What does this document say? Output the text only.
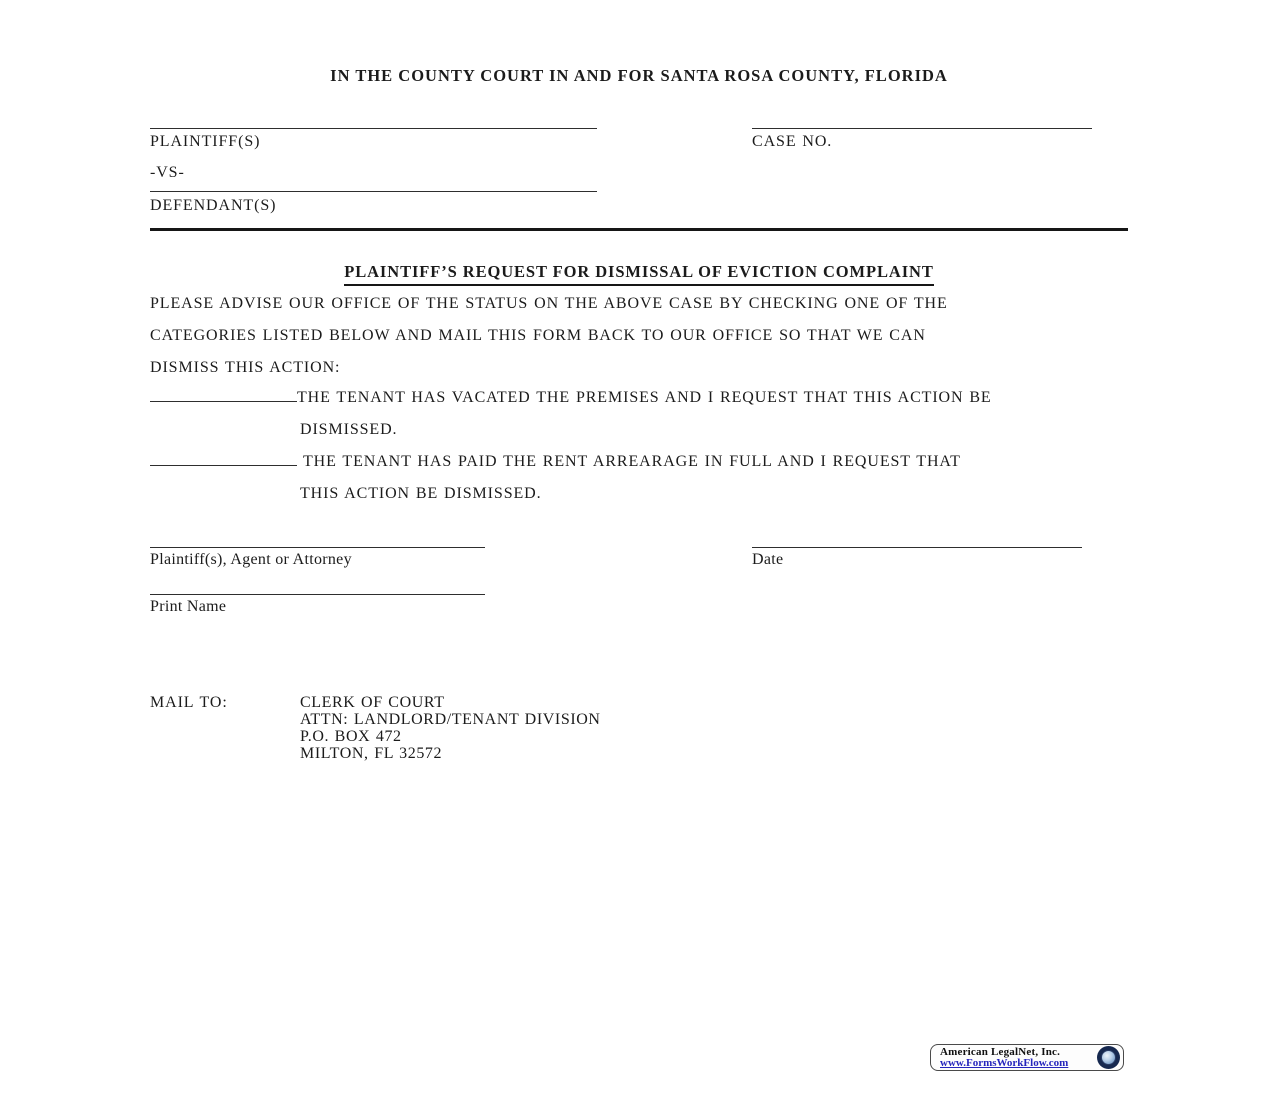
IN THE COUNTY COURT IN AND FOR SANTA ROSA COUNTY, FLORIDA
PLAINTIFF(S)	CASE NO.
-VS-
DEFENDANT(S)
PLAINTIFF’S REQUEST FOR DISMISSAL OF EVICTION COMPLAINT
PLEASE ADVISE OUR OFFICE OF THE STATUS ON THE ABOVE CASE BY CHECKING ONE OF THE
CATEGORIES LISTED BELOW AND MAIL THIS FORM BACK TO OUR OFFICE SO THAT WE CAN
DISMISS THIS ACTION:
THE TENANT HAS VACATED THE PREMISES AND I REQUEST THAT THIS ACTION BE
DISMISSED.
THE TENANT HAS PAID THE RENT ARREARAGE IN FULL AND I REQUEST THAT
THIS ACTION BE DISMISSED.
Plaintiff(s), Agent or Attorney	Date
Print Name
MAIL TO:	CLERK OF COURT
ATTN: LANDLORD/TENANT DIVISION
P.O. BOX 472
MILTON, FL 32572
American LegalNet, Inc.
www.FormsWorkFlow.com
